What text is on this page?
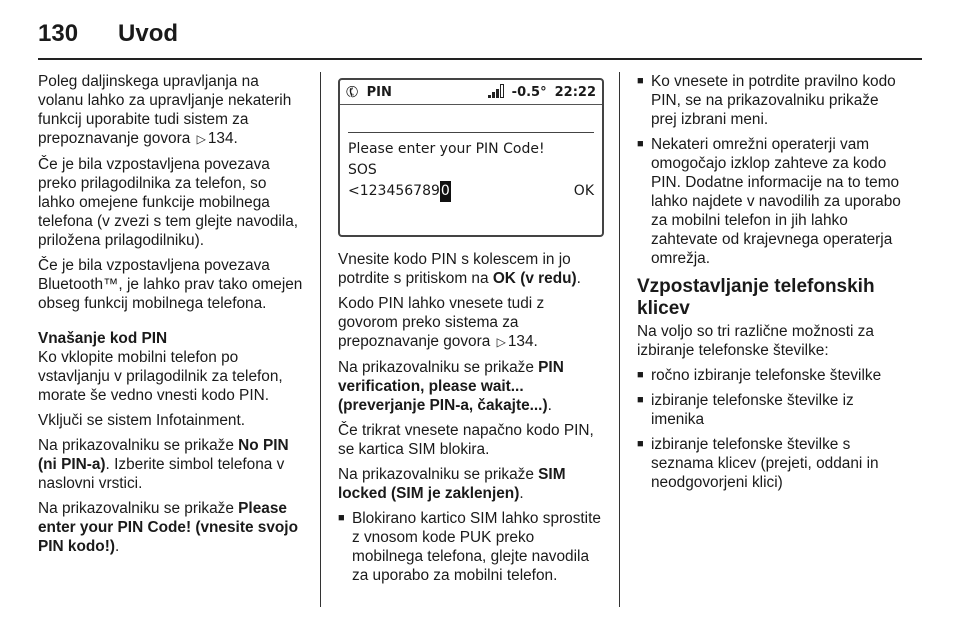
130 Uvod

Poleg daljinskega upravljanja na volanu lahko za upravljanje nekaterih funkcij uporabite tudi sistem za prepoznavanje govora ▷ 134.

Če je bila vzpostavljena povezava preko prilagodilnika za telefon, so lahko omejene funkcije mobilnega telefona (v zvezi s tem glejte navodila, priložena prilagodilniku).

Če je bila vzpostavljena povezava Bluetooth™, je lahko prav tako omejen obseg funkcij mobilnega telefona.

Vnašanje kod PIN

Ko vklopite mobilni telefon po vstavljanju v prilagodilnik za telefon, morate še vedno vnesti kodo PIN.

Vključi se sistem Infotainment.

Na prikazovalniku se prikaže No PIN (ni PIN-a). Izberite simbol telefona v naslovni vrstici.

Na prikazovalniku se prikaže Please enter your PIN Code! (vnesite svojo PIN kodo!).

✆ PIN	-0.5° 22:22
Please enter your PIN Code!
SOS
< 123456789 0	OK

Vnesite kodo PIN s kolescem in jo potrdite s pritiskom na OK (v redu).

Kodo PIN lahko vnesete tudi z govorom preko sistema za prepoznavanje govora ▷ 134.

Na prikazovalniku se prikaže PIN verification, please wait... (preverjanje PIN-a, čakajte...).

Če trikrat vnesete napačno kodo PIN, se kartica SIM blokira.

Na prikazovalniku se prikaže SIM locked (SIM je zaklenjen).

■ Blokirano kartico SIM lahko sprostite z vnosom kode PUK preko mobilnega telefona, glejte navodila za uporabo za mobilni telefon.
■ Ko vnesete in potrdite pravilno kodo PIN, se na prikazovalniku prikaže prej izbrani meni.
■ Nekateri omrežni operaterji vam omogočajo izklop zahteve za kodo PIN. Dodatne informacije na to temo lahko najdete v navodilih za uporabo za mobilni telefon in jih lahko zahtevate od krajevnega operaterja omrežja.
Vzpostavljanje telefonskih klicev

Na voljo so tri različne možnosti za izbiranje telefonske številke:

■ ročno izbiranje telefonske številke
■ izbiranje telefonske številke iz imenika
■ izbiranje telefonske številke s seznama klicev (prejeti, oddani in neodgovorjeni klici)
